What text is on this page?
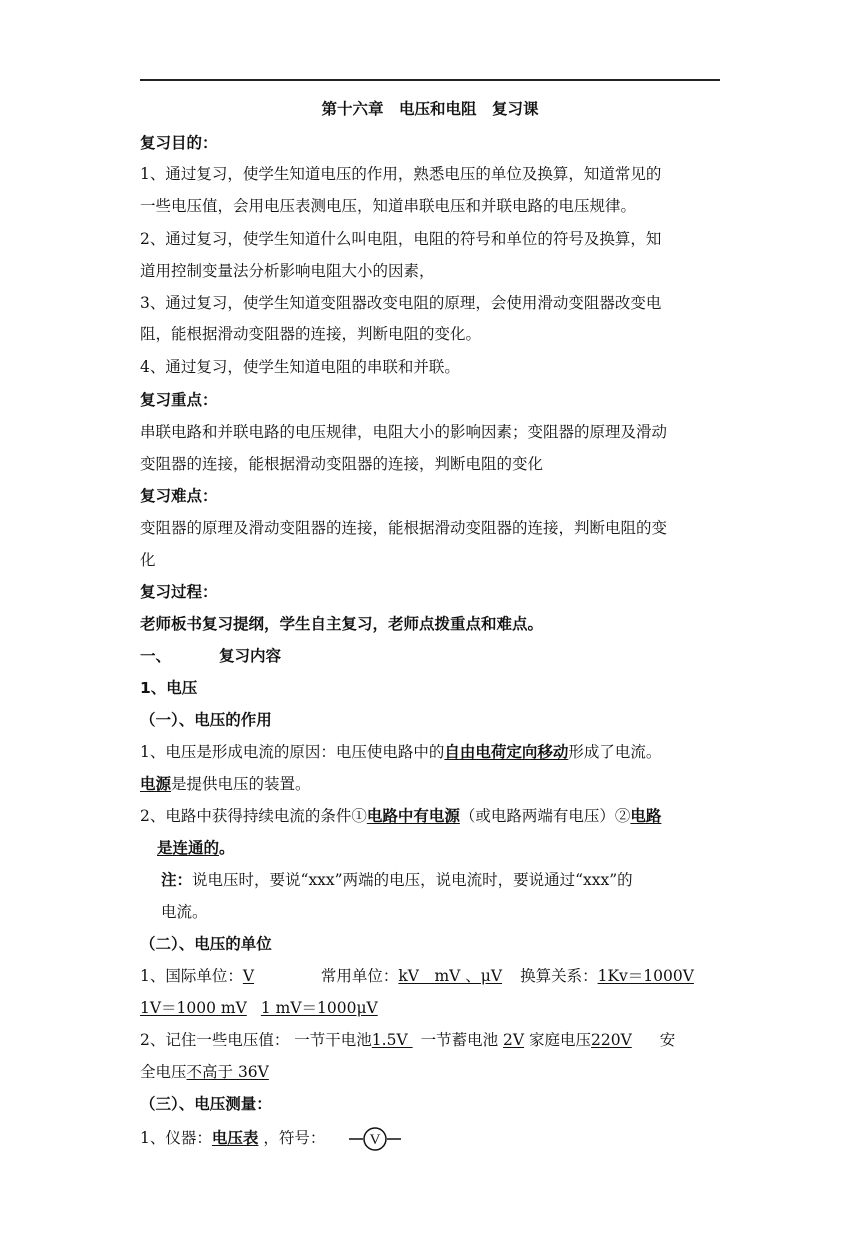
第十六章　电压和电阻　复习课
复习目的：
1、通过复习，使学生知道电压的作用，熟悉电压的单位及换算，知道常见的
一些电压值，会用电压表测电压，知道串联电压和并联电路的电压规律。
2、通过复习，使学生知道什么叫电阻，电阻的符号和单位的符号及换算，知
道用控制变量法分析影响电阻大小的因素，
3、通过复习，使学生知道变阻器改变电阻的原理，会使用滑动变阻器改变电
阻，能根据滑动变阻器的连接，判断电阻的变化。
4、通过复习，使学生知道电阻的串联和并联。
复习重点：
串联电路和并联电路的电压规律，电阻大小的影响因素；变阻器的原理及滑动
变阻器的连接，能根据滑动变阻器的连接，判断电阻的变化
复习难点：
变阻器的原理及滑动变阻器的连接，能根据滑动变阻器的连接，判断电阻的变
化
复习过程：
老师板书复习提纲，学生自主复习，老师点拨重点和难点。
一、	复习内容
1、电压
（一）、电压的作用
1、电压是形成电流的原因：电压使电路中的自由电荷定向移动形成了电流。
电源是提供电压的装置。
2、电路中获得持续电流的条件①电路中有电源（或电路两端有电压）②电路
是连通的。
注：说电压时，要说“xxx”两端的电压，说电流时，要说通过“xxx”的
电流。
（二）、电压的单位
1、国际单位：V	常用单位：kV　mV 、μV 换算关系：1Kv＝1000V
1V＝1000 mV 1 mV＝1000μV
2、记住一些电压值： 一节干电池1.5V 一节蓄电池 2V 家庭电压220V 安
全电压不高于 36V
（三）、电压测量：
1、仪器：电压表 ，符号：	V
